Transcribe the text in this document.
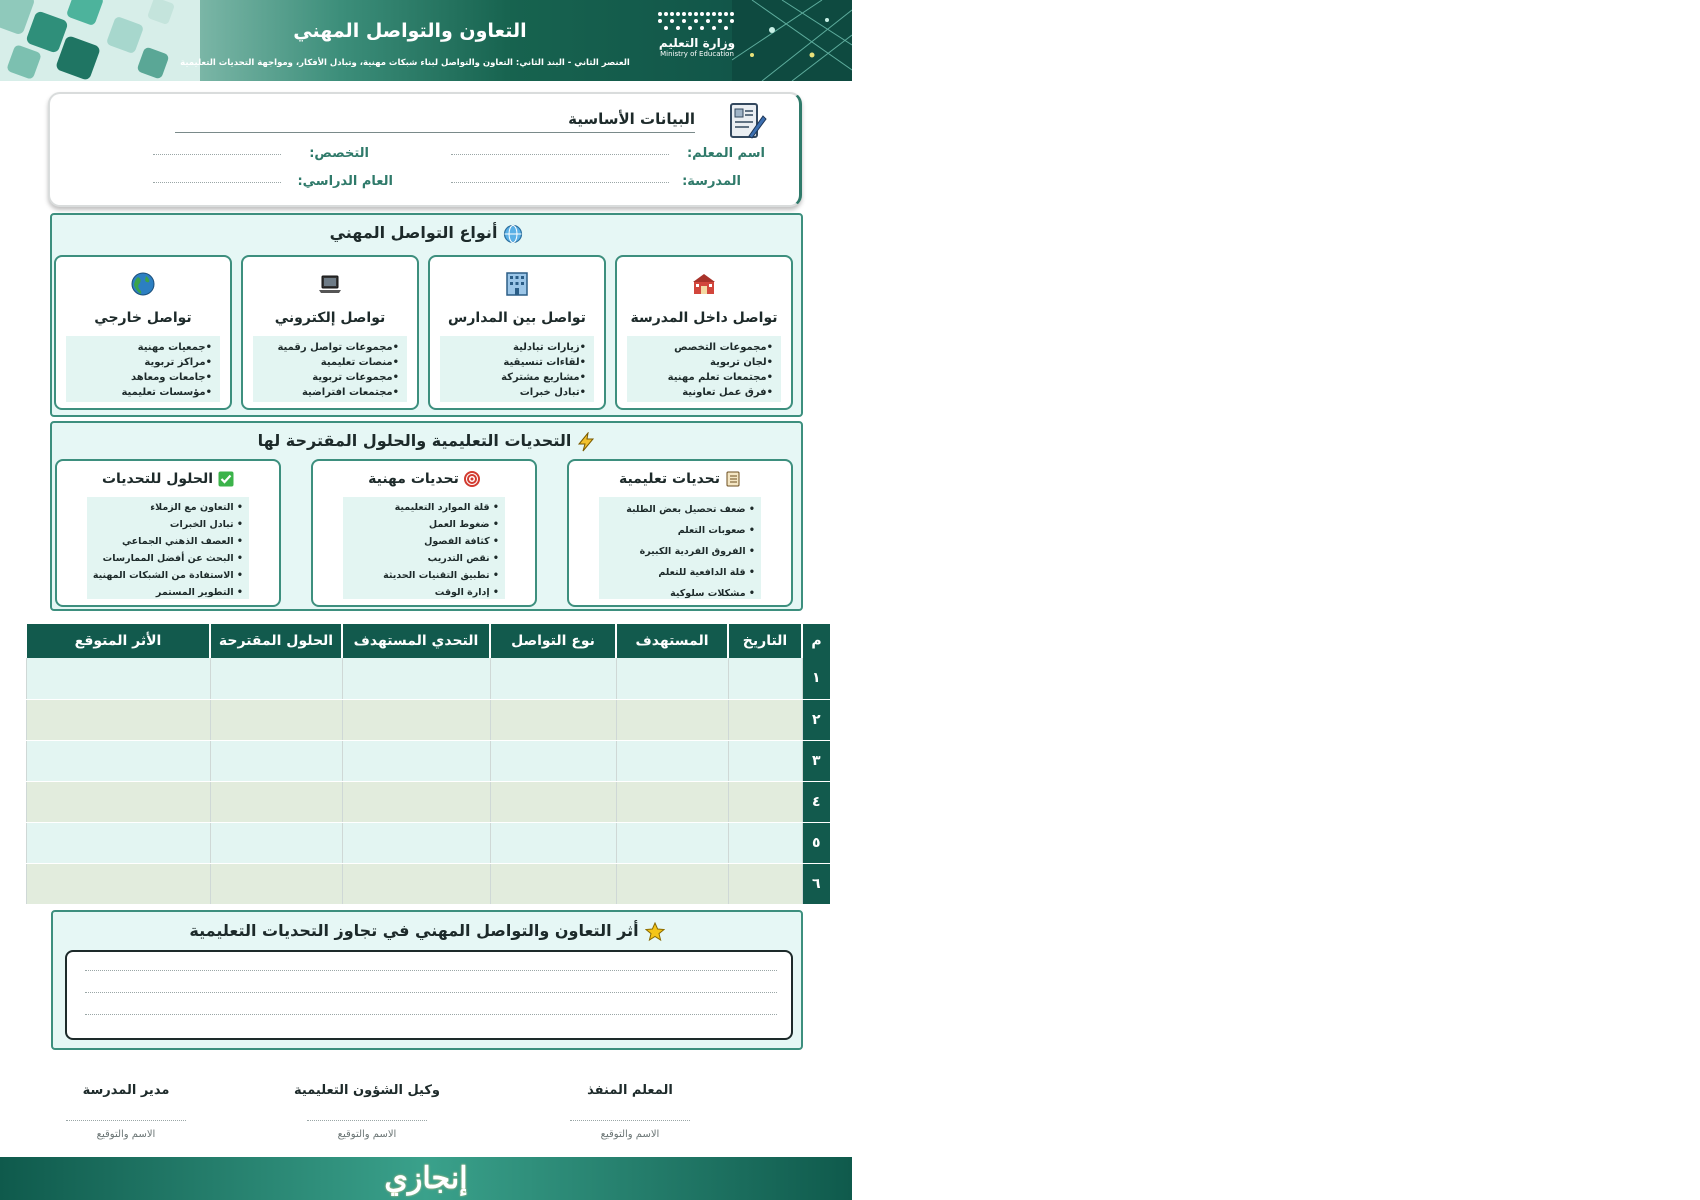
وزارة التعليم
Ministry of Education
التعاون والتواصل المهني
العنصر الثاني - البند الثاني: التعاون والتواصل لبناء شبكات مهنية، وتبادل الأفكار، ومواجهة التحديات التعليمية
البيانات الأساسية
اسم المعلم:
التخصص:
المدرسة:
العام الدراسي:
أنواع التواصل المهني
تواصل داخل المدرسة
•مجموعات التخصص
•لجان تربوية
•مجتمعات تعلم مهنية
•فرق عمل تعاونية
تواصل بين المدارس
•زيارات تبادلية
•لقاءات تنسيقية
•مشاريع مشتركة
•تبادل خبرات
تواصل إلكتروني
•مجموعات تواصل رقمية
•منصات تعليمية
•مجموعات تربوية
•مجتمعات افتراضية
تواصل خارجي
•جمعيات مهنية
•مراكز تربوية
•جامعات ومعاهد
•مؤسسات تعليمية
التحديات التعليمية والحلول المقترحة لها
تحديات تعليمية
• ضعف تحصيل بعض الطلبة
• صعوبات التعلم
• الفروق الفردية الكبيرة
• قلة الدافعية للتعلم
• مشكلات سلوكية
تحديات مهنية
• قلة الموارد التعليمية
• ضغوط العمل
• كثافة الفصول
• نقص التدريب
• تطبيق التقنيات الحديثة
• إدارة الوقت
الحلول للتحديات
• التعاون مع الزملاء
• تبادل الخبرات
• العصف الذهني الجماعي
• البحث عن أفضل الممارسات
• الاستفادة من الشبكات المهنية
• التطوير المستمر
م	التاريخ	المستهدف	نوع التواصل	التحدي المستهدف	الحلول المقترحة	الأثر المتوقع
١						
٢						
٣						
٤						
٥						
٦						
أثر التعاون والتواصل المهني في تجاوز التحديات التعليمية
المعلم المنفذ
الاسم والتوقيع
وكيل الشؤون التعليمية
الاسم والتوقيع
مدير المدرسة
الاسم والتوقيع
إنجازي
